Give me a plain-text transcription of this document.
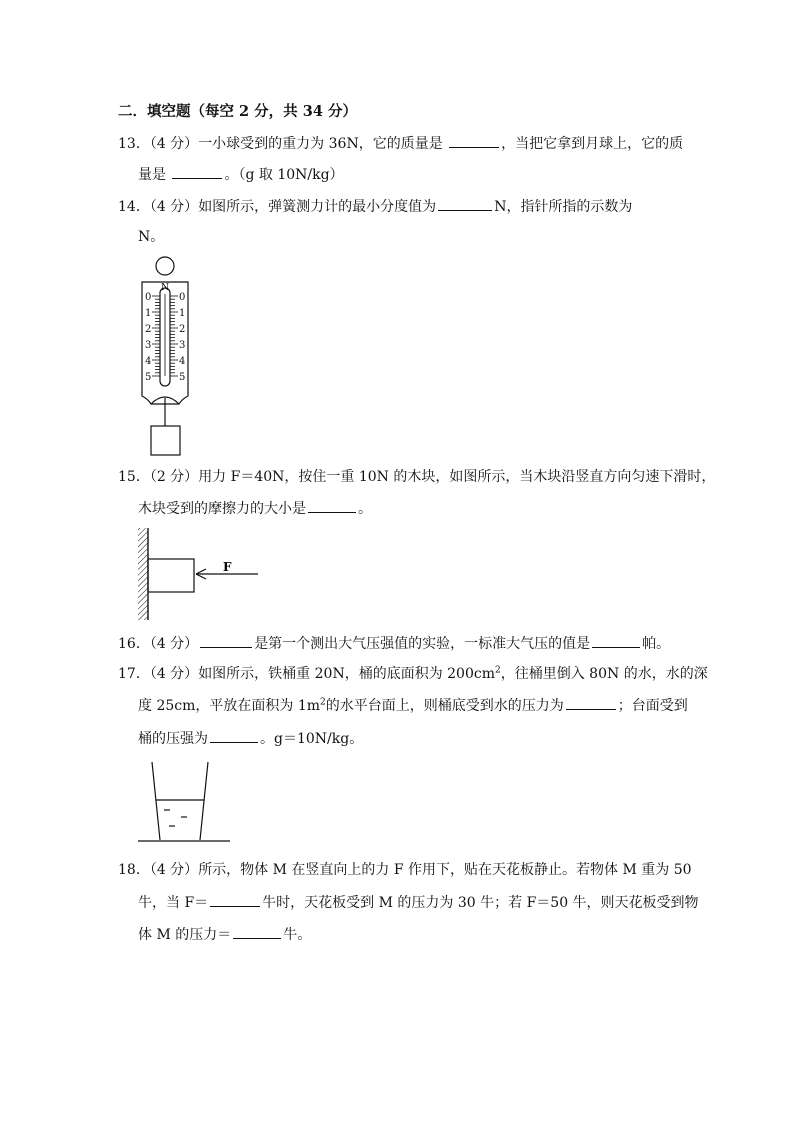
二．填空题（每空 2 分，共 34 分）
13．（4 分）一小球受到的重力为 36N，它的质量是	，当把它拿到月球上，它的质
量是	。（g 取 10N/kg）
14．（4 分）如图所示，弹簧测力计的最小分度值为	N，指针所指的示数为
N。
N
0	0
1	1
2	2
3	3
4	4
5	5
15．（2 分）用力 F＝40N，按住一重 10N 的木块，如图所示，当木块沿竖直方向匀速下滑时，
木块受到的摩擦力的大小是	。
F
16．（4 分）	是第一个测出大气压强值的实验，一标准大气压的值是	帕。
17．（4 分）如图所示，铁桶重 20N，桶的底面积为 $200cm^2$，往桶里倒入 80N 的水，水的深
度 25cm，平放在面积为 $1m^2$的水平台面上，则桶底受到水的压力为	；台面受到
桶的压强为	。g＝10N/kg。
18．（4 分）所示，物体 M 在竖直向上的力 F 作用下，贴在天花板静止。若物体 M 重为 50
牛，当 F＝	牛时，天花板受到 M 的压力为 30 牛；若 F＝50 牛，则天花板受到物
体 M 的压力＝	牛。
